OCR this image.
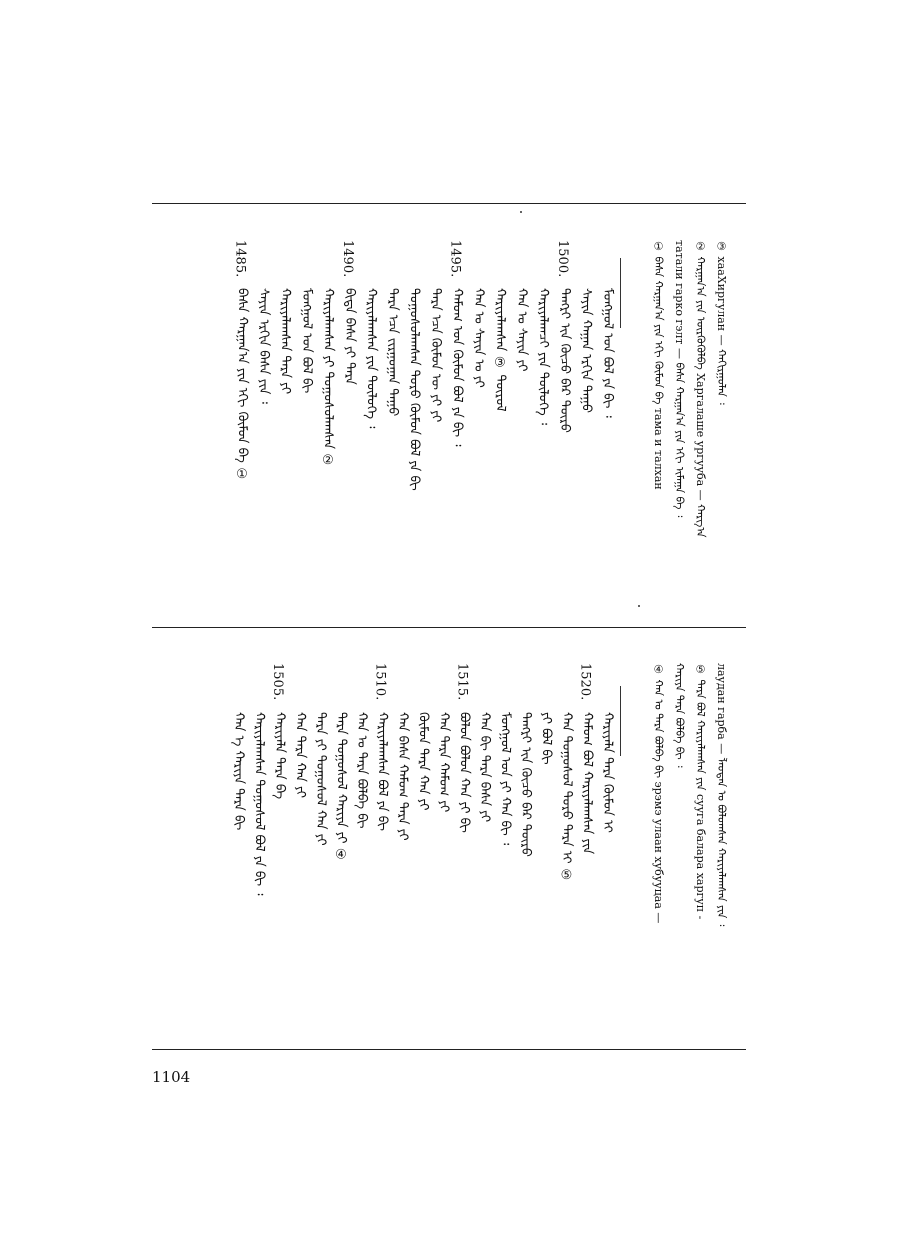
③ хааХиргулан — ᠬᠠᠬᠢᠷᠭᠤᠯᠠᠨ ᠄
② ᠬᠠᠷᠭᠠᠨ᠎ᠠ ᠶᠢᠨ ᠦᠷᠭᠦᠭᠦᠯᠪᠡ Харгалаше ургууба — ᠬᠠᠷᠭ᠎ᠠ
татали гарко гэлт — ᠪᠠᠰᠠ ᠬᠠᠷᠭᠠᠨ᠎ᠠ ᠶᠢᠨ ᠡᠬᠢ ᠢᠮᠠᠭᠠ ᠪᠡ ᠄
① ᠪᠠᠰᠠ ᠬᠠᠷᠭᠠᠨ᠎ᠠ ᠶᠢᠨ ᠡᠬᠢ ᠬᠦᠮᠦᠨ ᠪᠡ тама и талхан
ᠮᠣᠩᠭᠣᠯ ᠤᠨ ᠪᠣᠯ ᠶᠠ ᠪᠢ ᠄
ᠰᠠᠶᠢᠨ ᠬᠠᠭᠠᠨ ᠡᠷᠬᠢᠨ ᠳᠠᠭᠤ
1500.
ᠲᠡᠩᠷᠢ ᠢᠨ ᠬᠦᠴᠦ ᠪᠠᠷ ᠲᠦᠷᠦ
ᠬᠠᠷᠢᠶᠠᠯᠠᠭᠴᠢ ᠶᠢᠨ ᠲᠥᠯᠦᠭᠡ ᠄
ᠬᠠᠨ ᠤ ᠰᠠᠶᠢᠨ ᠶᠢ
ᠬᠠᠷᠢᠶᠠᠯᠠᠭᠰᠠᠨ ③ ᠲᠥᠷᠥᠯ
ᠬᠠᠨ ᠤ ᠰᠠᠶᠢᠨ ᠤ ᠶᠢ
1495.
ᠬᠠᠮᠤᠭ ᠤᠨ ᠬᠦᠮᠦᠨ ᠪᠣᠯ ᠶᠠ ᠪᠢ ᠄
ᠲᠡᠷᠡ ᠡᠴᠡ ᠬᠦᠮᠦᠨ ᠦ ᠶᠢ ᠶᠢ
ᠲᠣᠭᠤᠰᠤᠯᠠᠭᠰᠠᠨ ᠳᠣᠷᠤ ᠬᠦᠮᠦᠨ ᠪᠣᠯ ᠶᠠ ᠪᠢ
ᠲᠡᠷᠡ ᠡᠴᠡ ᠵᠢᠷᠭᠤᠭᠠᠨ ᠳᠠᠭᠤ
ᠬᠠᠷᠢᠶᠠᠯᠠᠭᠰᠠᠨ ᠶᠢᠨ ᠲᠥᠯᠦᠭᠡ ᠄
1490.
ᠪᠢᠳᠡ ᠪᠠᠰᠠ ᠶᠢ ᠲᠡᠷᠡ
ᠬᠠᠷᠢᠶᠠᠯᠠᠭᠰᠠᠨ ᠶᠢ ᠲᠣᠭᠤᠰᠤᠯᠠᠭᠰᠠᠨ ②
ᠮᠣᠩᠭᠣᠯ ᠤᠨ ᠪᠣᠯ ᠪᠢ
ᠬᠠᠷᠢᠶᠠᠯᠠᠭᠰᠠᠨ ᠲᠡᠷᠡ ᠶᠢ
ᠰᠠᠶᠢᠨ ᠡᠷᠬᠢᠨ ᠪᠠᠰᠠ ᠶᠢᠨ ᠄
1485.
ᠪᠠᠰᠠ ᠬᠠᠷᠭᠠᠨ᠎ᠠ ᠶᠢᠨ ᠡᠬᠢ ᠬᠦᠮᠦᠨ ᠪᠡ ①
лаудан гарба — ᠯᠠᠤᠳᠠᠨ ᠤ ᠪᠣᠯᠣᠭᠰᠠᠨ ᠬᠠᠷᠢᠶᠠᠯᠠᠭᠰᠠᠨ ᠶᠢᠨ ᠄
⑤ ᠲᠡᠷᠡ ᠪᠣᠯ ᠬᠠᠷᠢᠶᠠᠯᠠᠭᠰᠠᠨ ᠶᠢᠨ сууга балара харгуп -
ᠬᠠᠷᠢᠶᠠ ᠲᠡᠷᠡ ᠪᠣᠯᠪᠠ ᠪᠢ ᠄
④ ᠬᠠᠨ ᠤ ᠲᠡᠷᠡ ᠪᠣᠯᠪᠠ ᠪᠢ эрэмэ улаан хубууцаа —
ᠬᠠᠷᠢᠶᠠᠯᠠ ᠲᠡᠷᠡ ᠬᠦᠮᠦᠨ ᠢ
1520.
ᠬᠠᠮᠤᠭ ᠪᠣᠯ ᠬᠠᠷᠢᠶᠠᠯᠠᠭᠰᠠᠨ ᠶᠢᠨ
ᠬᠠᠨ ᠲᠣᠭᠤᠰᠤᠯ ᠳᠣᠷᠤ ᠲᠡᠷᠡ ᠢ ⑤
ᠶᠢ ᠪᠣᠯ ᠪᠢ
ᠲᠡᠩᠷᠢ ᠢᠨ ᠬᠦᠴᠦ ᠪᠠᠷ ᠲᠦᠷᠦ
ᠮᠣᠩᠭᠣᠯ ᠤᠨ ᠶᠢ ᠬᠠᠨ ᠪᠢ ᠄
ᠬᠠᠨ ᠪᠢ ᠲᠡᠷᠡ ᠪᠠᠰᠠ ᠶᠢ
1515.
ᠪᠣᠯᠣᠨ ᠪᠣᠯᠣᠨ ᠬᠠᠨ ᠶᠢ ᠪᠢ
ᠬᠠᠨ ᠲᠡᠷᠡ ᠬᠠᠮᠤᠭ ᠶᠢ
ᠬᠦᠮᠦᠨ ᠲᠡᠷᠡ ᠬᠠᠨ ᠶᠢ
ᠬᠠᠨ ᠪᠠᠰᠠ ᠬᠠᠮᠤᠭ ᠲᠡᠷᠡ ᠶᠢ
1510.
ᠬᠠᠷᠢᠶᠠᠯᠠᠭᠰᠠᠨ ᠪᠣᠯ ᠶᠠ ᠪᠢ
ᠬᠠᠨ ᠤ ᠲᠡᠷᠡ ᠪᠣᠯᠪᠠ ᠪᠢ
ᠲᠡᠷᠡ ᠲᠣᠭᠤᠰᠤᠯ ᠬᠠᠷᠢᠶᠠ ᠶᠢ ④
ᠲᠡᠷᠡ ᠶᠢ ᠲᠣᠭᠤᠰᠤᠯ ᠬᠠᠨ ᠶᠢ
ᠬᠠᠨ ᠲᠡᠷᠡ ᠬᠠᠨ ᠶᠢ
1505.
ᠬᠠᠷᠢᠶᠠᠯᠠ ᠲᠡᠷᠡ ᠪᠡ
ᠬᠠᠷᠢᠶᠠᠯᠠᠭᠰᠠᠨ ᠲᠣᠭᠤᠰᠤᠯ ᠪᠣᠯ ᠶᠠ ᠪᠢ ᠄
ᠬᠠᠨ ᠡ ᠬᠠᠷᠢᠶᠠ ᠲᠡᠷᠡ ᠪᠢ
1104
